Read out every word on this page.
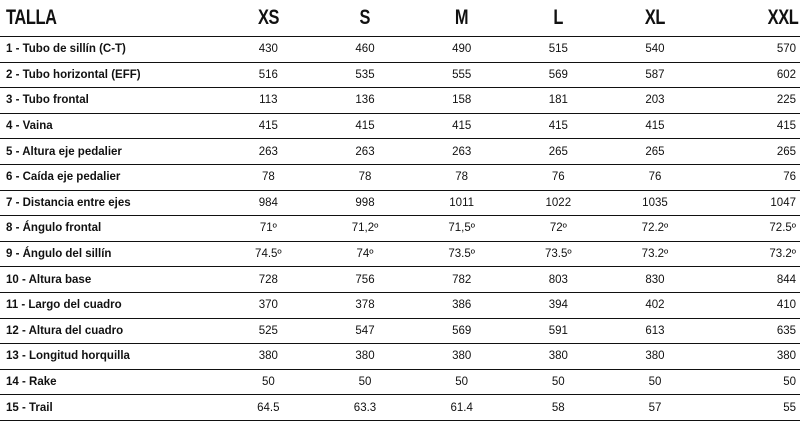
TALLA	XS	S	M	L	XL	XXL
1 - Tubo de sillín (C-T)	430	460	490	515	540	570
2 - Tubo horizontal (EFF)	516	535	555	569	587	602
3 - Tubo frontal	113	136	158	181	203	225
4 - Vaina	415	415	415	415	415	415
5 - Altura eje pedalier	263	263	263	265	265	265
6 - Caída eje pedalier	78	78	78	76	76	76
7 - Distancia entre ejes	984	998	1011	1022	1035	1047
8 - Ángulo frontal	71º	71,2º	71,5º	72º	72.2º	72.5º
9 - Ángulo del sillín	74.5º	74º	73.5º	73.5º	73.2º	73.2º
10 - Altura base	728	756	782	803	830	844
11 - Largo del cuadro	370	378	386	394	402	410
12 - Altura del cuadro	525	547	569	591	613	635
13 - Longitud horquilla	380	380	380	380	380	380
14 - Rake	50	50	50	50	50	50
15 - Trail	64.5	63.3	61.4	58	57	55
